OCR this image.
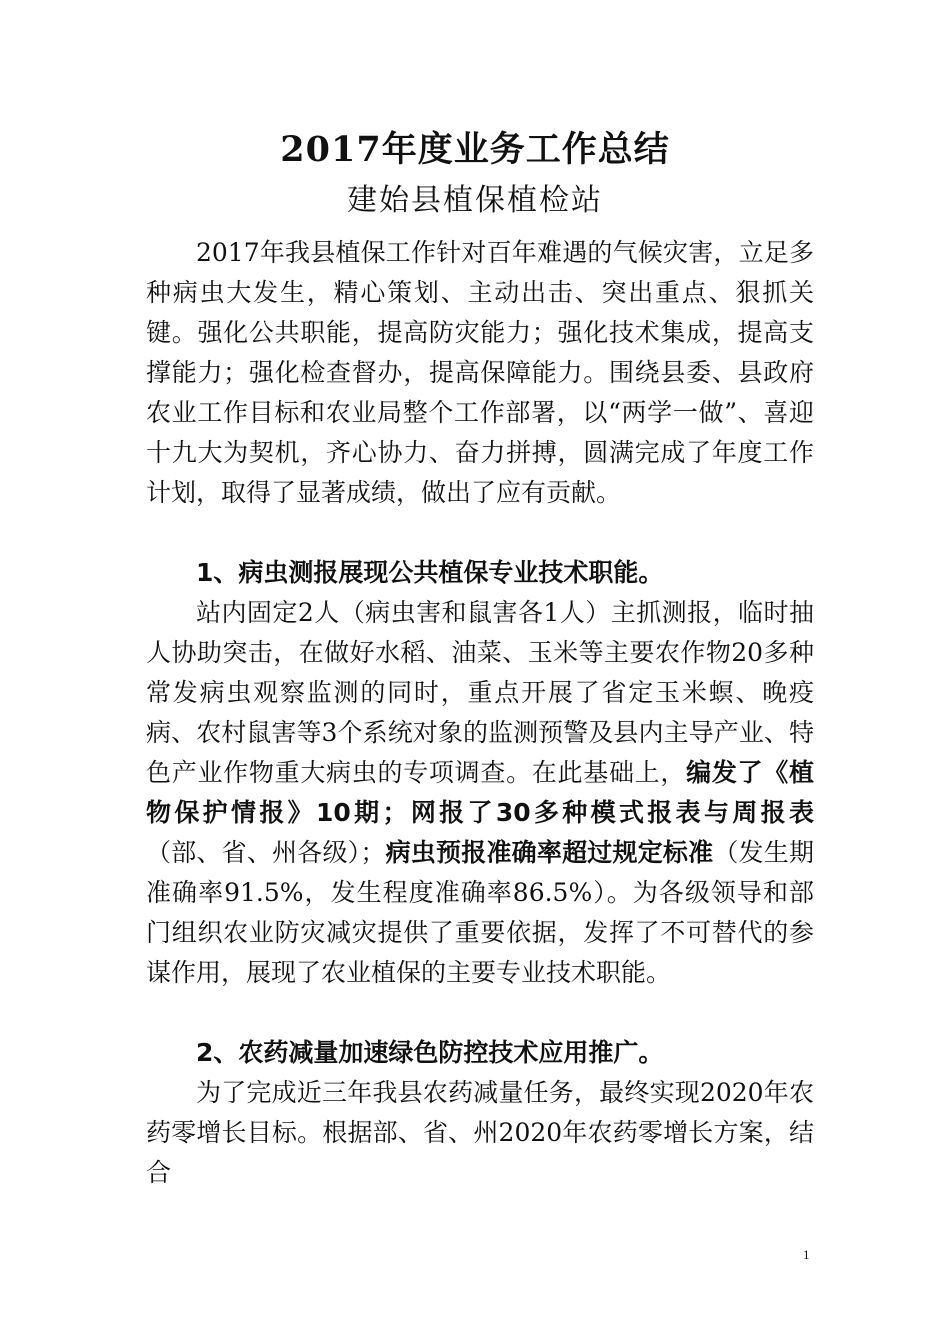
2017年度业务工作总结
建始县植保植检站

2017年我县植保工作针对百年难遇的气候灾害，立足多种病虫大发生，精心策划、主动出击、突出重点、狠抓关键。强化公共职能，提高防灾能力；强化技术集成，提高支撑能力；强化检查督办，提高保障能力。围绕县委、县政府农业工作目标和农业局整个工作部署，以“两学一做”、喜迎十九大为契机，齐心协力、奋力拼搏，圆满完成了年度工作计划，取得了显著成绩，做出了应有贡献。

1、病虫测报展现公共植保专业技术职能。

站内固定2人（病虫害和鼠害各1人）主抓测报，临时抽人协助突击，在做好水稻、油菜、玉米等主要农作物20多种常发病虫观察监测的同时，重点开展了省定玉米螟、晚疫病、农村鼠害等3个系统对象的监测预警及县内主导产业、特色产业作物重大病虫的专项调查。在此基础上，编发了《植物保护情报》10期；网报了30多种模式报表与周报表（部、省、州各级）；病虫预报准确率超过规定标准（发生期准确率91.5%，发生程度准确率86.5%）。为各级领导和部门组织农业防灾减灾提供了重要依据，发挥了不可替代的参谋作用，展现了农业植保的主要专业技术职能。

2、农药减量加速绿色防控技术应用推广。

为了完成近三年我县农药减量任务，最终实现2020年农药零增长目标。根据部、省、州2020年农药零增长方案，结合

1
